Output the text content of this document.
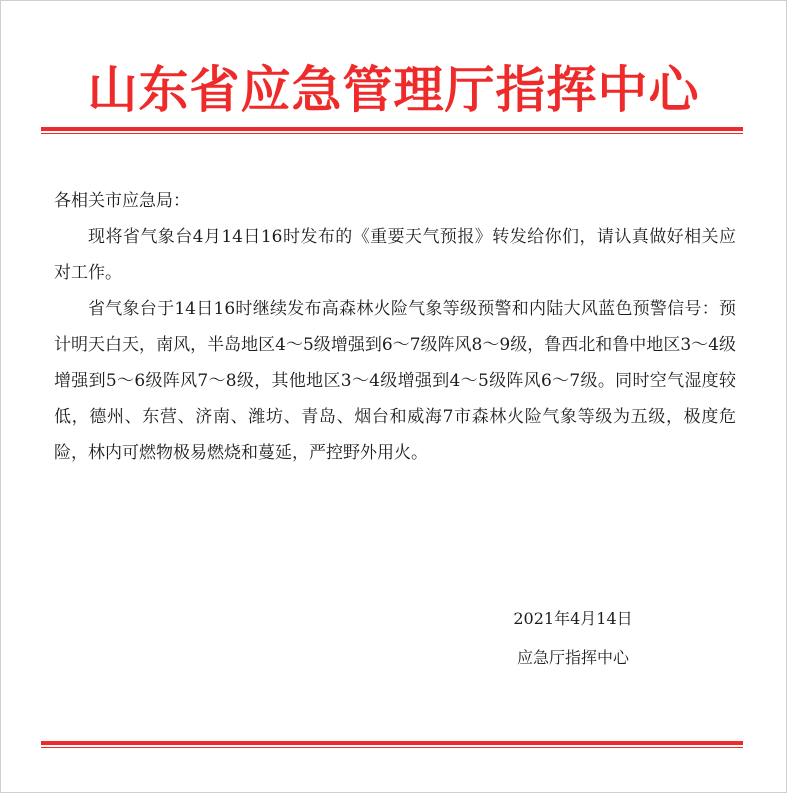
山东省应急管理厅指挥中心

各相关市应急局：

现将省气象台4月14日16时发布的《重要天气预报》转发给你们，请认真做好相关应对工作。

省气象台于14日16时继续发布高森林火险气象等级预警和内陆大风蓝色预警信号：预计明天白天，南风，半岛地区4～5级增强到6～7级阵风8～9级，鲁西北和鲁中地区3～4级增强到5～6级阵风7～8级，其他地区3～4级增强到4～5级阵风6～7级。同时空气湿度较低，德州、东营、济南、潍坊、青岛、烟台和威海7市森林火险气象等级为五级，极度危险，林内可燃物极易燃烧和蔓延，严控野外用火。

2021年4月14日
应急厅指挥中心
